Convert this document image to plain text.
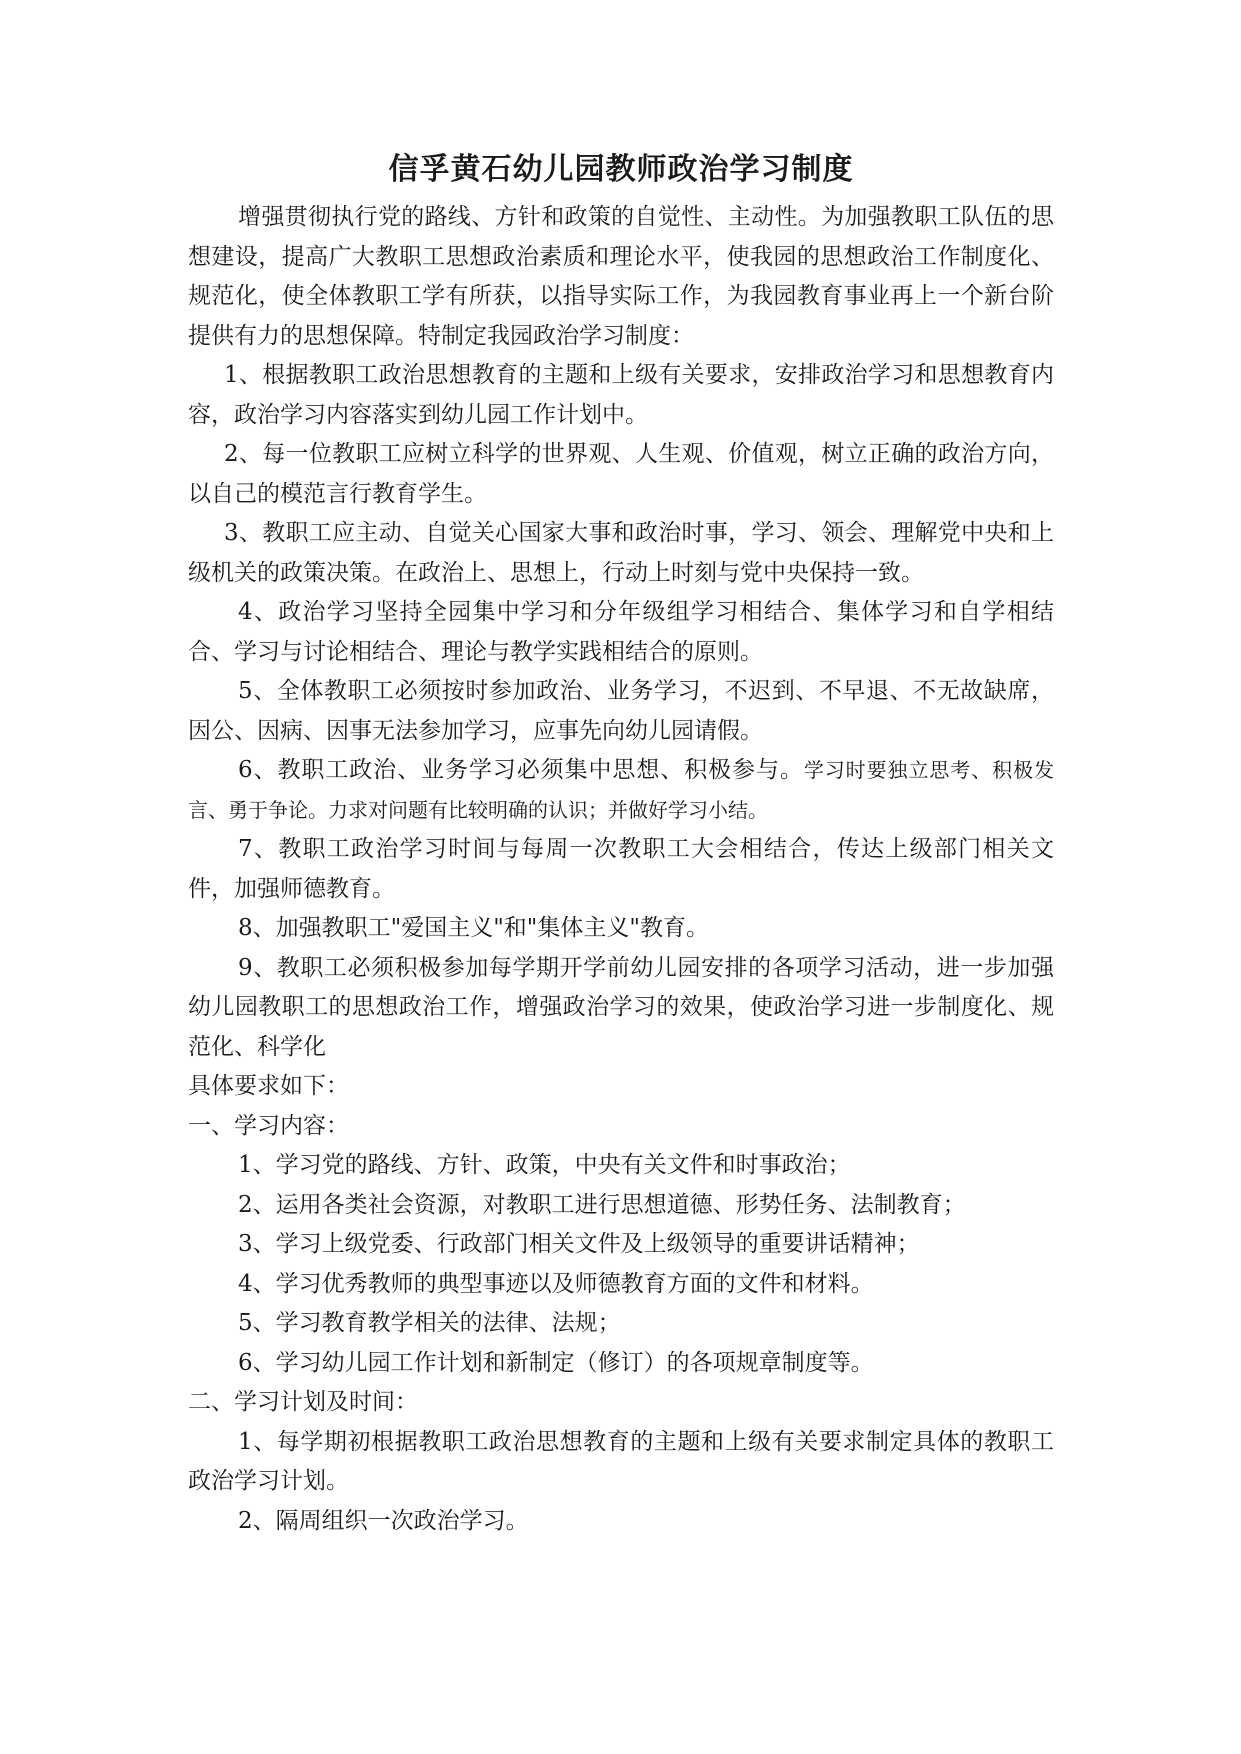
信孚黄石幼儿园教师政治学习制度

增强贯彻执行党的路线、方针和政策的自觉性、主动性。为加强教职工队伍的思想建设，提高广大教职工思想政治素质和理论水平，使我园的思想政治工作制度化、规范化，使全体教职工学有所获，以指导实际工作，为我园教育事业再上一个新台阶提供有力的思想保障。特制定我园政治学习制度：

1、根据教职工政治思想教育的主题和上级有关要求，安排政治学习和思想教育内容，政治学习内容落实到幼儿园工作计划中。

2、每一位教职工应树立科学的世界观、人生观、价值观，树立正确的政治方向，以自己的模范言行教育学生。

3、教职工应主动、自觉关心国家大事和政治时事，学习、领会、理解党中央和上级机关的政策决策。在政治上、思想上，行动上时刻与党中央保持一致。

4、政治学习坚持全园集中学习和分年级组学习相结合、集体学习和自学相结合、学习与讨论相结合、理论与教学实践相结合的原则。

5、全体教职工必须按时参加政治、业务学习，不迟到、不早退、不无故缺席，因公、因病、因事无法参加学习，应事先向幼儿园请假。

6、教职工政治、业务学习必须集中思想、积极参与。学习时要独立思考、积极发言、勇于争论。力求对问题有比较明确的认识；并做好学习小结。

7、教职工政治学习时间与每周一次教职工大会相结合，传达上级部门相关文件，加强师德教育。

8、加强教职工"爱国主义"和"集体主义"教育。

9、教职工必须积极参加每学期开学前幼儿园安排的各项学习活动，进一步加强幼儿园教职工的思想政治工作，增强政治学习的效果，使政治学习进一步制度化、规范化、科学化

具体要求如下：

一、学习内容：

1、学习党的路线、方针、政策，中央有关文件和时事政治；

2、运用各类社会资源，对教职工进行思想道德、形势任务、法制教育；

3、学习上级党委、行政部门相关文件及上级领导的重要讲话精神；

4、学习优秀教师的典型事迹以及师德教育方面的文件和材料。

5、学习教育教学相关的法律、法规；

6、学习幼儿园工作计划和新制定（修订）的各项规章制度等。

二、学习计划及时间：

1、每学期初根据教职工政治思想教育的主题和上级有关要求制定具体的教职工政治学习计划。

2、隔周组织一次政治学习。
